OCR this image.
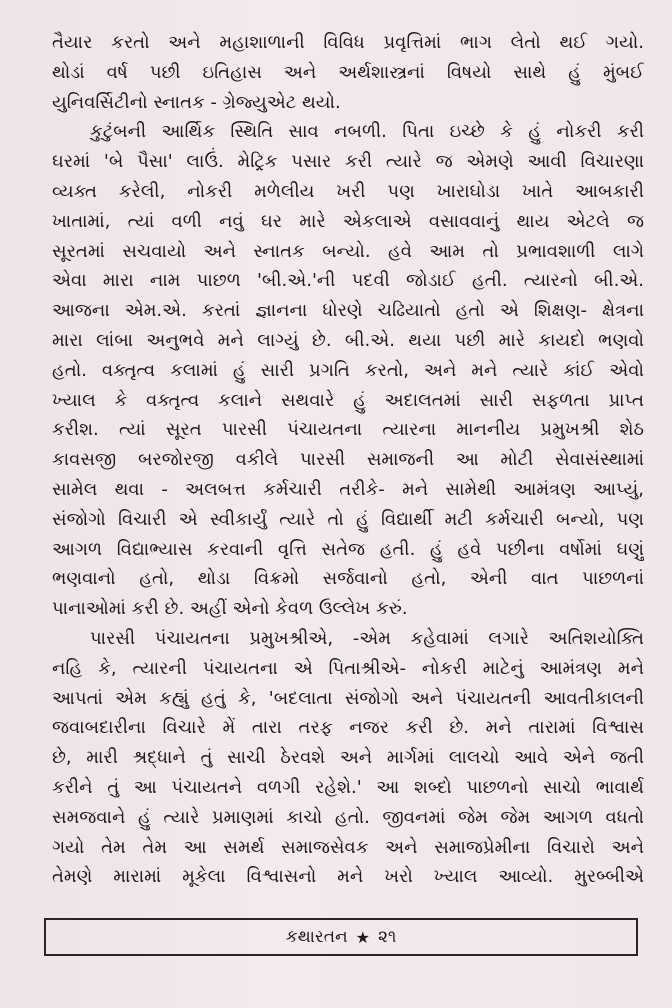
તૈયાર કરતો અને મહાશાળાની વિવિધ પ્રવૃત્તિમાં ભાગ લેતો થઈ ગયો.
થોડાં વર્ષ પછી ઇતિહાસ અને અર્થશાસ્ત્રનાં વિષયો સાથે હું મુંબઈ
યુનિવર્સિટીનો સ્નાતક - ગ્રેજ્યુએટ થયો.
કુટુંબની આર્થિક સ્થિતિ સાવ નબળી. પિતા ઇચ્છે કે હું નોકરી કરી
ઘરમાં 'બે પૈસા' લાઉં. મેટ્રિક પસાર કરી ત્યારે જ એમણે આવી વિચારણા
વ્યક્ત કરેલી, નોકરી મળેલીય ખરી પણ ખારાઘોડા ખાતે આબકારી
ખાતામાં, ત્યાં વળી નવું ઘર મારે એકલાએ વસાવવાનું થાય એટલે જ
સૂરતમાં સચવાયો અને સ્નાતક બન્યો. હવે આમ તો પ્રભાવશાળી લાગે
એવા મારા નામ પાછળ 'બી.એ.'ની પદવી જોડાઈ હતી. ત્યારનો બી.એ.
આજના એમ.એ. કરતાં જ્ઞાનના ધોરણે ચઢિયાતો હતો એ શિક્ષણ- ક્ષેત્રના
મારા લાંબા અનુભવે મને લાગ્યું છે. બી.એ. થયા પછી મારે કાયદો ભણવો
હતો. વક્તૃત્વ કલામાં હું સારી પ્રગતિ કરતો, અને મને ત્યારે કાંઈ એવો
ખ્યાલ કે વક્તૃત્વ કલાને સથવારે હું અદાલતમાં સારી સફળતા પ્રાપ્ત
કરીશ. ત્યાં સૂરત પારસી પંચાયતના ત્યારના માનનીય પ્રમુખશ્રી શેઠ
કાવસજી બરજોરજી વકીલે પારસી સમાજની આ મોટી સેવાસંસ્થામાં
સામેલ થવા - અલબત્ત કર્મચારી તરીકે- મને સામેથી આમંત્રણ આપ્યું,
સંજોગો વિચારી એ સ્વીકાર્યું ત્યારે તો હું વિદ્યાર્થી મટી કર્મચારી બન્યો, પણ
આગળ વિદ્યાભ્યાસ કરવાની વૃત્તિ સતેજ હતી. હું હવે પછીના વર્ષોમાં ઘણું
ભણવાનો હતો, થોડા વિક્રમો સર્જવાનો હતો, એની વાત પાછળનાં
પાનાઓમાં કરી છે. અહીં એનો કેવળ ઉલ્લેખ કરું.
પારસી પંચાયતના પ્રમુખશ્રીએ, -એમ કહેવામાં લગારે અતિશયોક્તિ
નહિ કે, ત્યારની પંચાયતના એ પિતાશ્રીએ- નોકરી માટેનું આમંત્રણ મને
આપતાં એમ કહ્યું હતું કે, 'બદલાતા સંજોગો અને પંચાયતની આવતીકાલની
જવાબદારીના વિચારે મેં તારા તરફ નજર કરી છે. મને તારામાં વિશ્વાસ
છે, મારી શ્રદ્ધાને તું સાચી ઠેરવશે અને માર્ગમાં લાલચો આવે એને જતી
કરીને તું આ પંચાયતને વળગી રહેશે.' આ શબ્દો પાછળનો સાચો ભાવાર્થ
સમજવાને હું ત્યારે પ્રમાણમાં કાચો હતો. જીવનમાં જેમ જેમ આગળ વધતો
ગયો તેમ તેમ આ સમર્થ સમાજસેવક અને સમાજપ્રેમીના વિચારો અને
તેમણે મારામાં મૂકેલા વિશ્વાસનો મને ખરો ખ્યાલ આવ્યો. મુરબ્બીએ
કથારતન ★ ૨૧
